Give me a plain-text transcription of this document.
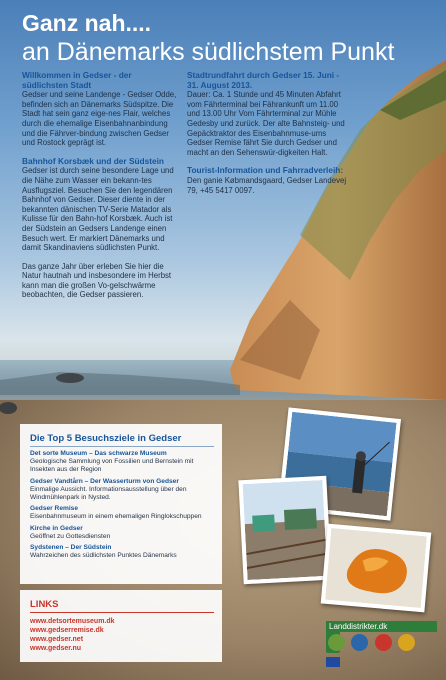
Ganz nah....
an Dänemarks südlichstem Punkt
Willkommen in Gedser - der südlichsten Stadt

Gedser und seine Landenge - Gedser Odde, befinden sich an Dänemarks Südspitze. Die Stadt hat sein ganz eige-nes Flair, welches durch die ehemalige Eisenbahnanbindung und die Fährver-bindung zwischen Gedser und Rostock geprägt ist.

Bahnhof Korsbæk und der Südstein

Gedser ist durch seine besondere Lage und die Nähe zum Wasser ein bekann-tes Ausflugsziel. Besuchen Sie den legendären Bahnhof von Gedser. Dieser diente in der bekannten dänischen TV-Serie Matador als Kulisse für den Bahn-hof Korsbæk. Auch ist der Südstein an Gedsers Landenge einen Besuch wert. Er markiert Dänemarks und damit Skandinaviens südlichsten Punkt.

Das ganze Jahr über erleben Sie hier die Natur hautnah und insbesondere im Herbst kann man die großen Vo-gelschwärme beobachten, die Gedser passieren.

Stadtrundfahrt durch Gedser 15. Juni - 31. August 2013.

Dauer: Ca. 1 Stunde und 45 Minuten Abfahrt vom Fährterminal bei Fährankunft um 11.00 und 13.00 Uhr Vom Fährterminal zur Mühle Gedesby und zurück. Der alte Bahnsteig- und Gepäcktraktor des Eisenbahnmuse-ums Gedser Remise fährt Sie durch Gedser und macht an den Sehenswür-digkeiten Halt.

Tourist-Information und Fahrradverleih:

Den ganie Købmandsgaard, Gedser Landevej 79, +45 5417 0097.

Die Top 5 Besuchsziele in Gedser
Det sorte Museum – Das schwarze Museum
Geologische Sammlung von Fossilien und Bernstein mit Insekten aus der Region
Gedser Vandtårn – Der Wasserturm von Gedser
Einmalige Aussicht. Informationsausstellung über den Windmühlenpark in Nysted.
Gedser Remise
Eisenbahnmuseum in einem ehemaligen Ringlokschuppen
Kirche in Gedser
Geöffnet zu Gottesdiensten
Sydstenen – Der Südstein
Wahrzeichen des südlichsten Punktes Dänemarks
LINKS
www.detsortemuseum.dk
www.gedserremise.dk
www.gedser.net
www.gedser.nu
Landdistrikter.dk
